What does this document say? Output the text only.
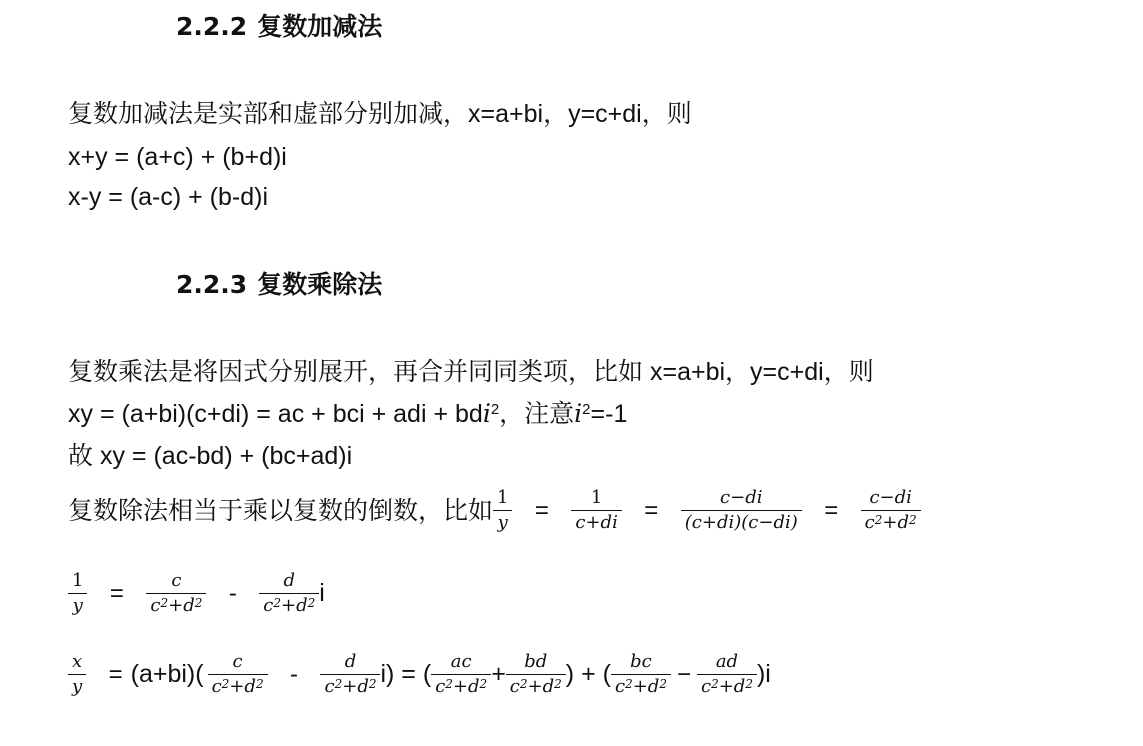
2.2.2 复数加减法
复数加减法是实部和虚部分别加减，x=a+bi，y=c+di，则
x+y = (a+c) + (b+d)i
x-y = (a-c) + (b-d)i
2.2.3 复数乘除法
复数乘法是将因式分别展开，再合并同同类项，比如 x=a+bi，y=c+di，则
xy = (a+bi)(c+di) = ac + bci + adi + bdi$^2$，注意$i^2=-1$
故 xy = (ac-bd) + (bc+ad)i
复数除法相当于乘以复数的倒数，比如 $\frac{1}{y} = \frac{1}{c+di} = \frac{c-di}{(c+di)(c-di)} = \frac{c-di}{c^2+d^2}$
$\frac{1}{y} = \frac{c}{c^2+d^2} - \frac{d}{c^2+d^2}$ i
$\frac{x}{y} = (a+bi)( \frac{c}{c^2+d^2} - \frac{d}{c^2+d^2} i)$ = ( $\frac{ac}{c^2+d^2} + \frac{bd}{c^2+d^2}$ ) + ( $\frac{bc}{c^2+d^2} - \frac{ad}{c^2+d^2} )i$
